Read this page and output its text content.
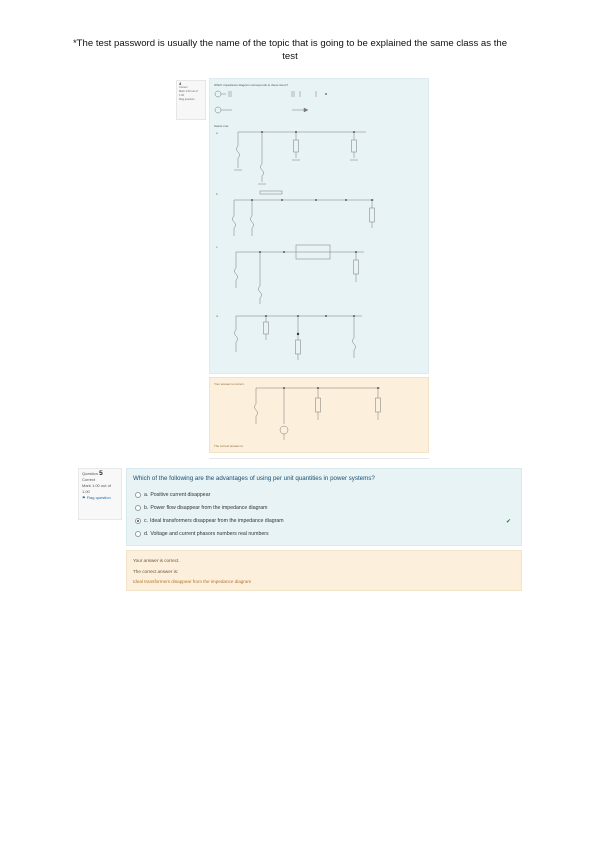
*The test password is usually the name of the topic that is going to be explained the same class as the
test
4
Correct
Mark 1.00 out of 1.00
Flag question
Which impedance diagram corresponds to these items?
Select one:
a.
b.
c.
d.
Your answer is correct.
The correct answer is:
Question 5
Correct
Mark 1.00 out of 1.00
⚑ Flag question
Which of the following are the advantages of using per unit quantities in power systems?
a. Positive current disappear
b. Power flow disappear from the impedance diagram
c. Ideal transformers disappear from the impedance diagram
d. Voltage and current phasors numbers real numbers
✔
Your answer is correct.
The correct answer is:
Ideal transformers disappear from the impedance diagram
